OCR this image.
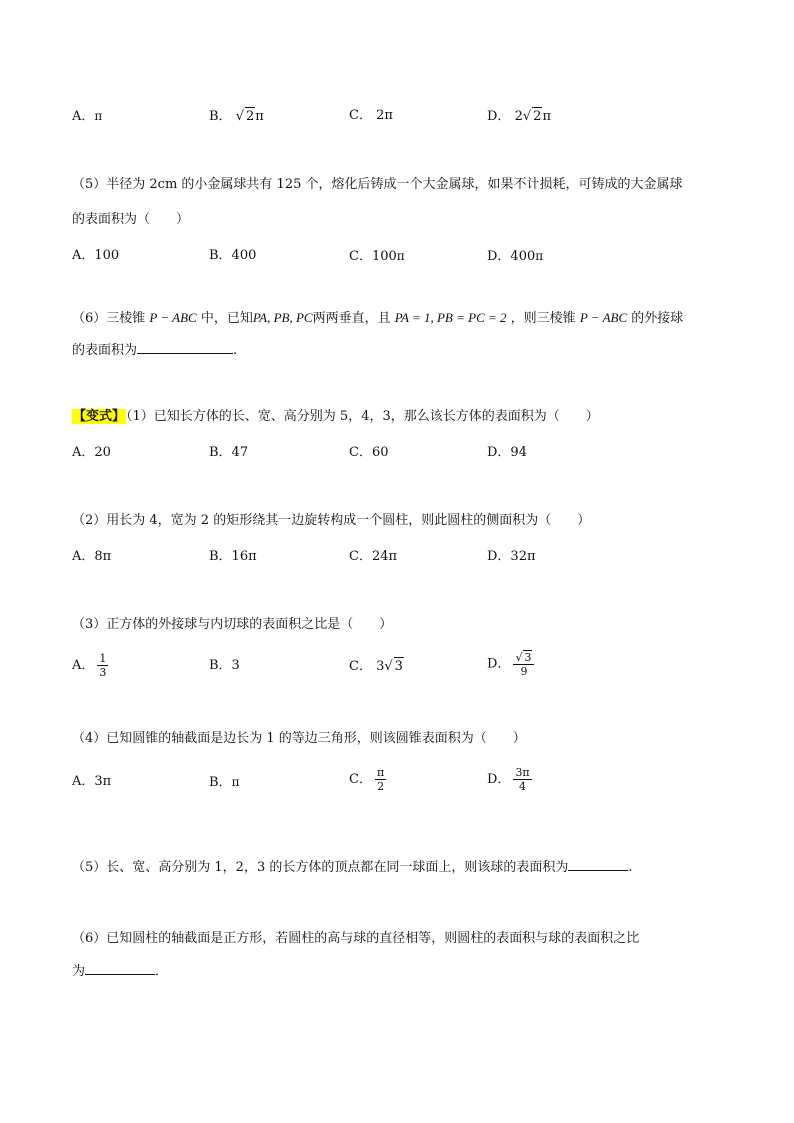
A．π	B． √ 2π	C． 2π	D． 2√ 2π
（5）半径为 2cm 的小金属球共有 125 个，熔化后铸成一个大金属球，如果不计损耗，可铸成的大金属球
的表面积为（　　）
A．100	B．400	C．100π	D．400π
（6）三棱锥 P − ABC 中，已知PA, PB, PC两两垂直，且 PA = 1, PB = PC = 2 ，则三棱锥 P − ABC 的外接球
的表面积为	.
【变式】（1）已知长方体的长、宽、高分别为 5，4，3，那么该长方体的表面积为（　　）
A．20	B．47	C．60	D．94
（2）用长为 4，宽为 2 的矩形绕其一边旋转构成一个圆柱，则此圆柱的侧面积为（　　）
A．8π	B．16π	C．24π	D．32π
（3）正方体的外接球与内切球的表面积之比是（　　）
A． $\frac{1}{3}$	B．3	C． 3√ 3	D． $\frac{√ 3}{9}$
（4）已知圆锥的轴截面是边长为 1 的等边三角形，则该圆锥表面积为（　　）
A．3π	B．π	C． $\frac{\pi}{2}$	D． $\frac{3\pi}{4}$
（5）长、宽、高分别为 1，2，3 的长方体的顶点都在同一球面上，则该球的表面积为	.
（6）已知圆柱的轴截面是正方形，若圆柱的高与球的直径相等，则圆柱的表面积与球的表面积之比
为	．
